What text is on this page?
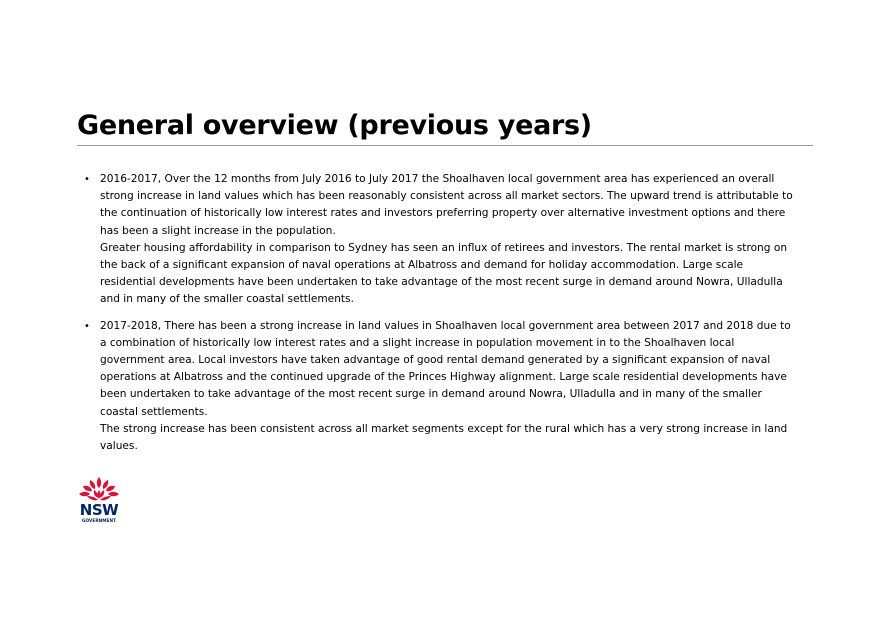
General overview (previous years)
• 2016-2017, Over the 12 months from July 2016 to July 2017 the Shoalhaven local government area has experienced an overall strong increase in land values which has been reasonably consistent across all market sectors. The upward trend is attributable to the continuation of historically low interest rates and investors preferring property over alternative investment options and there has been a slight increase in the population.
Greater housing affordability in comparison to Sydney has seen an influx of retirees and investors. The rental market is strong on the back of a significant expansion of naval operations at Albatross and demand for holiday accommodation. Large scale residential developments have been undertaken to take advantage of the most recent surge in demand around Nowra, Ulladulla and in many of the smaller coastal settlements.
• 2017-2018, There has been a strong increase in land values in Shoalhaven local government area between 2017 and 2018 due to a combination of historically low interest rates and a slight increase in population movement in to the Shoalhaven local government area. Local investors have taken advantage of good rental demand generated by a significant expansion of naval operations at Albatross and the continued upgrade of the Princes Highway alignment. Large scale residential developments have been undertaken to take advantage of the most recent surge in demand around Nowra, Ulladulla and in many of the smaller coastal settlements.
The strong increase has been consistent across all market segments except for the rural which has a very strong increase in land values.
NSW
GOVERNMENT
